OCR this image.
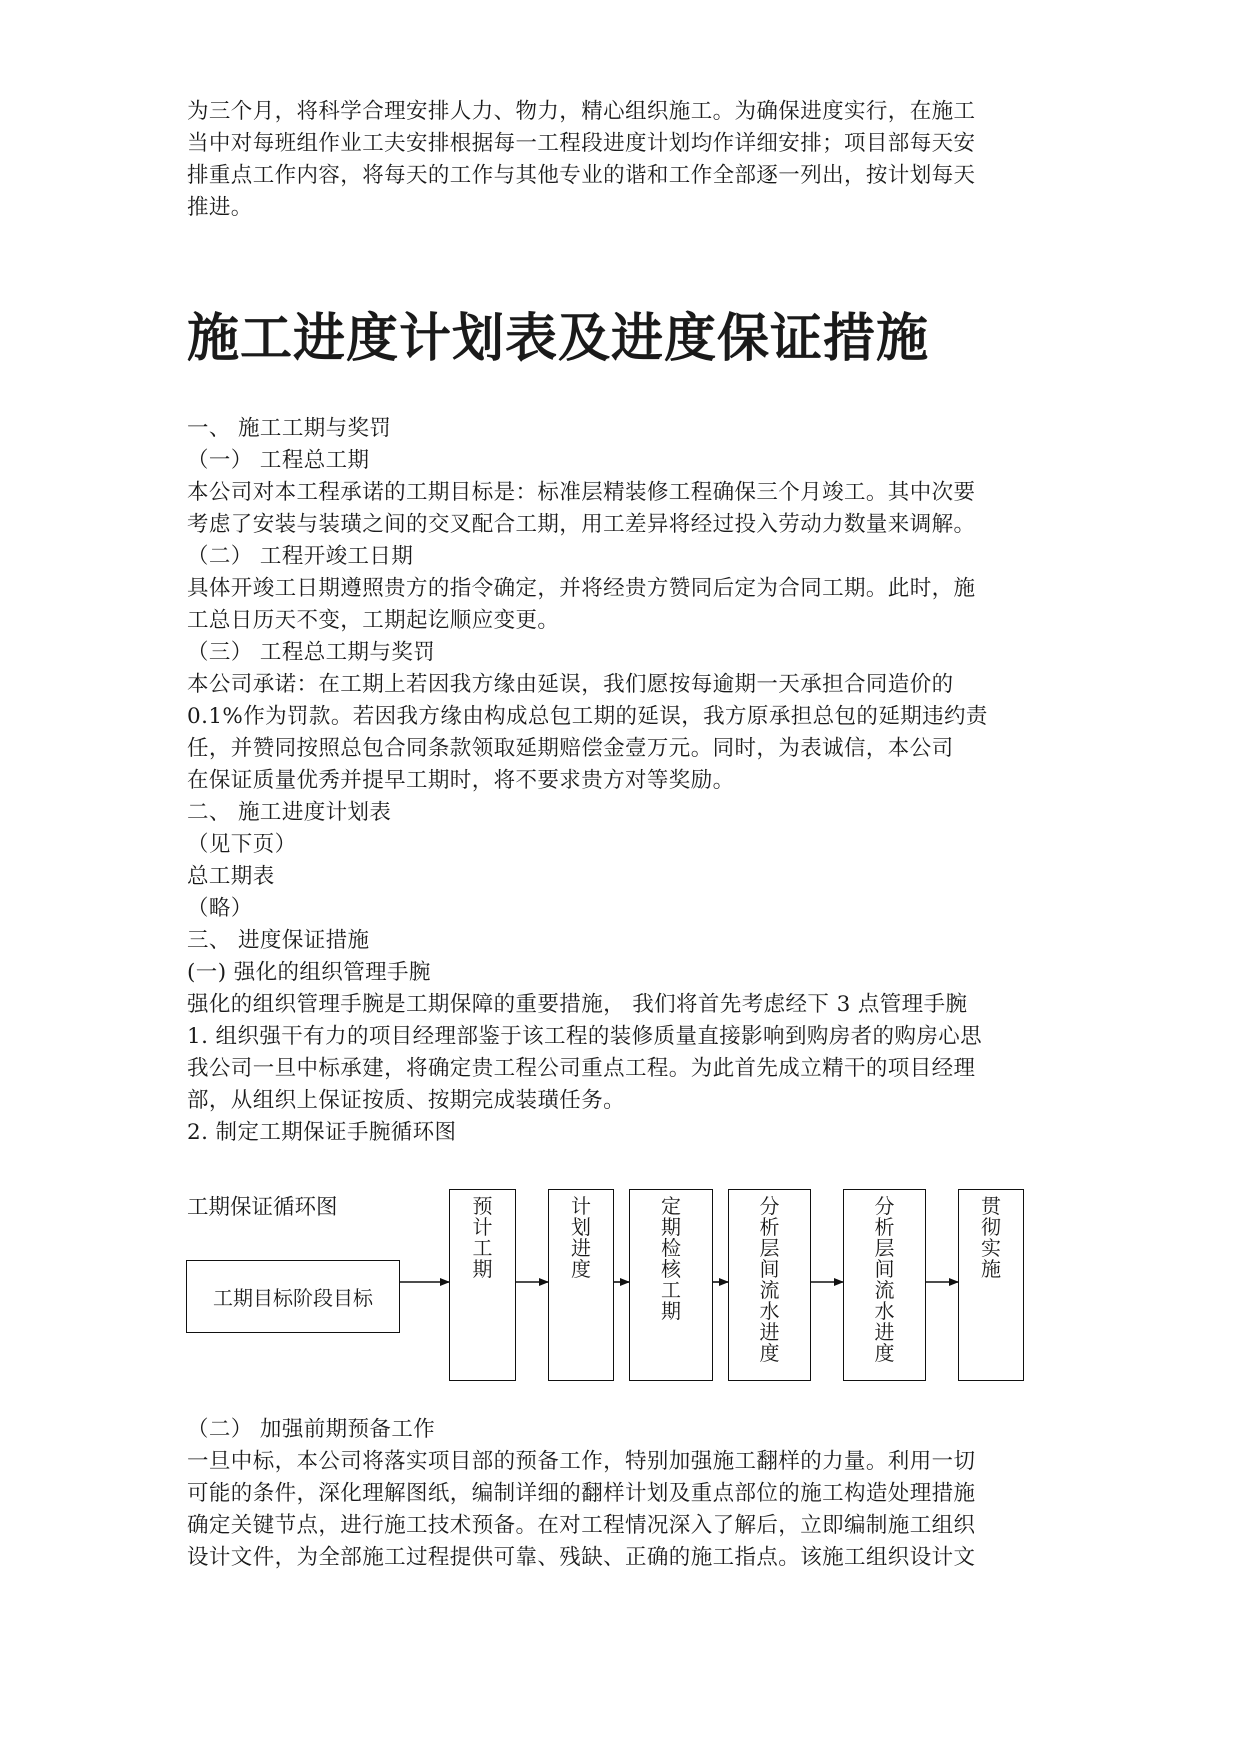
为三个月，将科学合理安排人力、物力，精心组织施工。为确保进度实行，在施工
当中对每班组作业工夫安排根据每一工程段进度计划均作详细安排；项目部每天安
排重点工作内容，将每天的工作与其他专业的谐和工作全部逐一列出，按计划每天
推进。
施工进度计划表及进度保证措施
一、 施工工期与奖罚
（一） 工程总工期
本公司对本工程承诺的工期目标是：标准层精装修工程确保三个月竣工。其中次要
考虑了安装与装璜之间的交叉配合工期，用工差异将经过投入劳动力数量来调解。
（二） 工程开竣工日期
具体开竣工日期遵照贵方的指令确定，并将经贵方赞同后定为合同工期。此时，施
工总日历天不变，工期起讫顺应变更。
（三） 工程总工期与奖罚
本公司承诺：在工期上若因我方缘由延误，我们愿按每逾期一天承担合同造价的
0.1%作为罚款。若因我方缘由构成总包工期的延误，我方原承担总包的延期违约责
任，并赞同按照总包合同条款领取延期赔偿金壹万元。同时，为表诚信，本公司
在保证质量优秀并提早工期时，将不要求贵方对等奖励。
二、 施工进度计划表
（见下页）
总工期表
（略）
三、 进度保证措施
(一) 强化的组织管理手腕
强化的组织管理手腕是工期保障的重要措施， 我们将首先考虑经下 3 点管理手腕
1. 组织强干有力的项目经理部鉴于该工程的装修质量直接影响到购房者的购房心思
我公司一旦中标承建，将确定贵工程公司重点工程。为此首先成立精干的项目经理
部，从组织上保证按质、按期完成装璜任务。
2. 制定工期保证手腕循环图
工期保证循环图
工期目标阶段目标
预
计
工
期
计
划
进
度
定
期
检
核
工
期
分
析
层
间
流
水
进
度
分
析
层
间
流
水
进
度
贯
彻
实
施
（二） 加强前期预备工作
一旦中标，本公司将落实项目部的预备工作，特别加强施工翻样的力量。利用一切
可能的条件，深化理解图纸，编制详细的翻样计划及重点部位的施工构造处理措施
确定关键节点，进行施工技术预备。在对工程情况深入了解后，立即编制施工组织
设计文件，为全部施工过程提供可靠、残缺、正确的施工指点。该施工组织设计文
